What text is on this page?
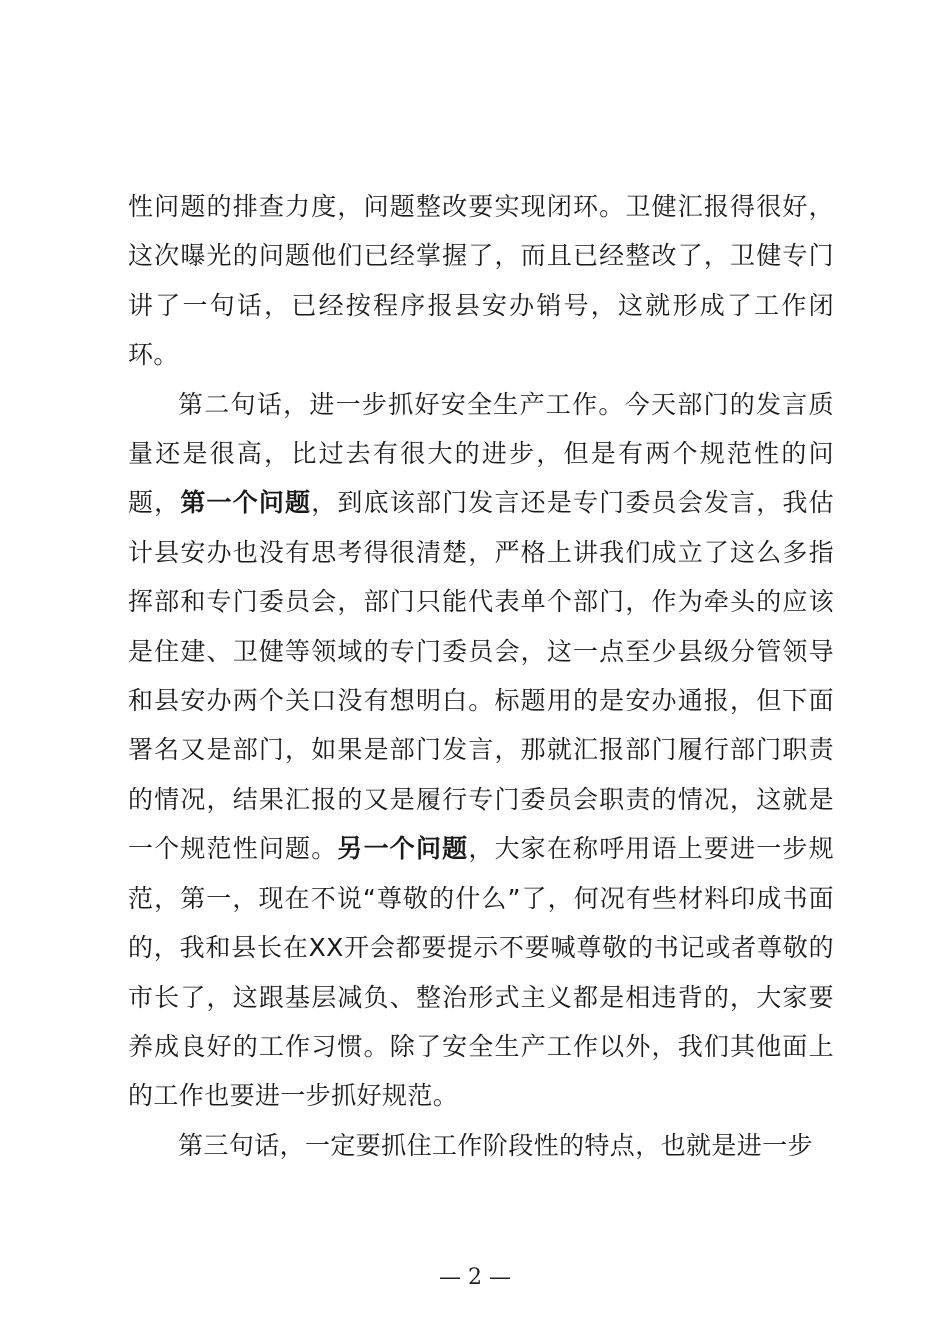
性问题的排查力度，问题整改要实现闭环。卫健汇报得很好，这次曝光的问题他们已经掌握了，而且已经整改了，卫健专门讲了一句话，已经按程序报县安办销号，这就形成了工作闭环。

第二句话，进一步抓好安全生产工作。今天部门的发言质量还是很高，比过去有很大的进步，但是有两个规范性的问题，第一个问题，到底该部门发言还是专门委员会发言，我估计县安办也没有思考得很清楚，严格上讲我们成立了这么多指挥部和专门委员会，部门只能代表单个部门，作为牵头的应该是住建、卫健等领域的专门委员会，这一点至少县级分管领导和县安办两个关口没有想明白。标题用的是安办通报，但下面署名又是部门，如果是部门发言，那就汇报部门履行部门职责的情况，结果汇报的又是履行专门委员会职责的情况，这就是一个规范性问题。另一个问题，大家在称呼用语上要进一步规范，第一，现在不说“尊敬的什么”了，何况有些材料印成书面的，我和县长在XX开会都要提示不要喊尊敬的书记或者尊敬的市长了，这跟基层减负、整治形式主义都是相违背的，大家要养成良好的工作习惯。除了安全生产工作以外，我们其他面上的工作也要进一步抓好规范。

第三句话，一定要抓住工作阶段性的特点，也就是进一步

— 2 —
